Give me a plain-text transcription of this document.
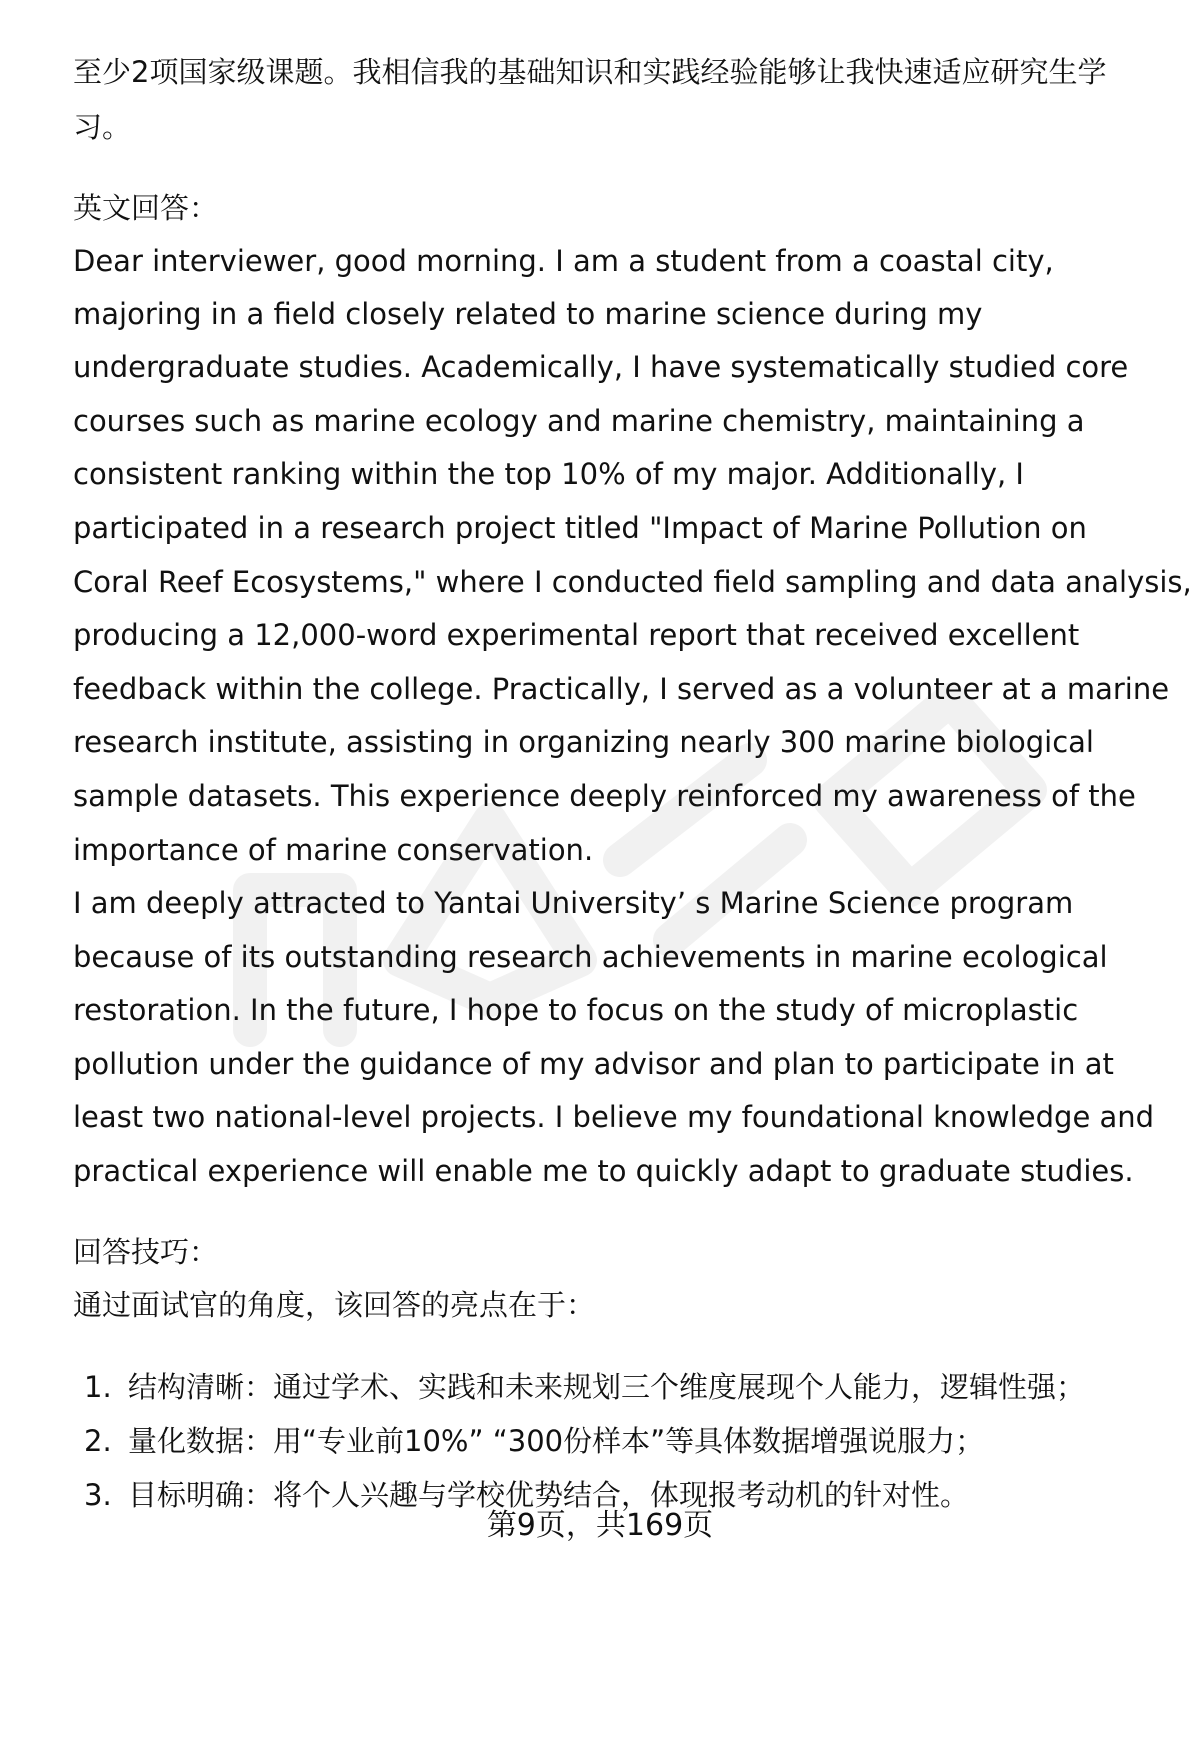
至少2项国家级课题。我相信我的基础知识和实践经验能够让我快速适应研究生学
习。
英文回答：
Dear interviewer, good morning. I am a student from a coastal city,
majoring in a field closely related to marine science during my
undergraduate studies. Academically, I have systematically studied core
courses such as marine ecology and marine chemistry, maintaining a
consistent ranking within the top 10% of my major. Additionally, I
participated in a research project titled "Impact of Marine Pollution on
Coral Reef Ecosystems," where I conducted field sampling and data analysis,
producing a 12,000-word experimental report that received excellent
feedback within the college. Practically, I served as a volunteer at a marine
research institute, assisting in organizing nearly 300 marine biological
sample datasets. This experience deeply reinforced my awareness of the
importance of marine conservation.
I am deeply attracted to Yantai University’ s Marine Science program
because of its outstanding research achievements in marine ecological
restoration. In the future, I hope to focus on the study of microplastic
pollution under the guidance of my advisor and plan to participate in at
least two national-level projects. I believe my foundational knowledge and
practical experience will enable me to quickly adapt to graduate studies.
回答技巧：
通过面试官的角度，该回答的亮点在于：
1. 结构清晰：通过学术、实践和未来规划三个维度展现个人能力，逻辑性强；
2. 量化数据：用“专业前10%” “300份样本”等具体数据增强说服力；
3. 目标明确：将个人兴趣与学校优势结合，体现报考动机的针对性。
第9页，共169页
